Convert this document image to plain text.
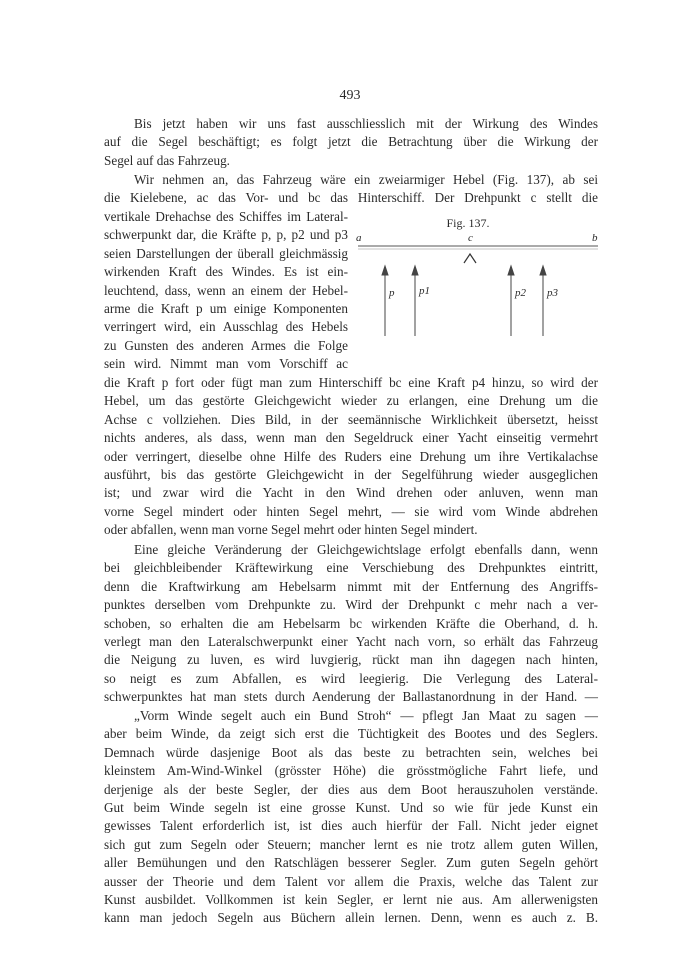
493
Bis jetzt haben wir uns fast ausschliesslich mit der Wirkung des Windes
auf die Segel beschäftigt; es folgt jetzt die Betrachtung über die Wirkung der
Segel auf das Fahrzeug.
Wir nehmen an, das Fahrzeug wäre ein zweiarmiger Hebel (Fig. 137), ab sei
die Kielebene, ac das Vor- und bc das Hinterschiff. Der Drehpunkt c stellt die
vertikale Drehachse des Schiffes im Lateral-
schwerpunkt dar, die Kräfte p, p, p2 und p3
seien Darstellungen der überall gleichmässig
wirkenden Kraft des Windes. Es ist ein-
leuchtend, dass, wenn an einem der Hebel-
arme die Kraft p um einige Komponenten
verringert wird, ein Ausschlag des Hebels
zu Gunsten des anderen Armes die Folge
sein wird. Nimmt man vom Vorschiff ac
die Kraft p fort oder fügt man zum Hinterschiff bc eine Kraft p4 hinzu, so wird der
Hebel, um das gestörte Gleichgewicht wieder zu erlangen, eine Drehung um die
Achse c vollziehen. Dies Bild, in der seemännische Wirklichkeit übersetzt, heisst
nichts anderes, als dass, wenn man den Segeldruck einer Yacht einseitig vermehrt
oder verringert, dieselbe ohne Hilfe des Ruders eine Drehung um ihre Vertikalachse
ausführt, bis das gestörte Gleichgewicht in der Segelführung wieder ausgeglichen
ist; und zwar wird die Yacht in den Wind drehen oder anluven, wenn man
vorne Segel mindert oder hinten Segel mehrt, — sie wird vom Winde abdrehen
oder abfallen, wenn man vorne Segel mehrt oder hinten Segel mindert.
Eine gleiche Veränderung der Gleichgewichtslage erfolgt ebenfalls dann, wenn
bei gleichbleibender Kräftewirkung eine Verschiebung des Drehpunktes eintritt,
denn die Kraftwirkung am Hebelsarm nimmt mit der Entfernung des Angriffs-
punktes derselben vom Drehpunkte zu. Wird der Drehpunkt c mehr nach a ver-
schoben, so erhalten die am Hebelsarm bc wirkenden Kräfte die Oberhand, d. h.
verlegt man den Lateralschwerpunkt einer Yacht nach vorn, so erhält das Fahrzeug
die Neigung zu luven, es wird luvgierig, rückt man ihn dagegen nach hinten,
so neigt es zum Abfallen, es wird leegierig. Die Verlegung des Lateral-
schwerpunktes hat man stets durch Aenderung der Ballastanordnung in der Hand. —
„Vorm Winde segelt auch ein Bund Stroh“ — pflegt Jan Maat zu sagen —
aber beim Winde, da zeigt sich erst die Tüchtigkeit des Bootes und des Seglers.
Demnach würde dasjenige Boot als das beste zu betrachten sein, welches bei
kleinstem Am-Wind-Winkel (grösster Höhe) die grösstmögliche Fahrt liefe, und
derjenige als der beste Segler, der dies aus dem Boot herauszuholen verstände.
Gut beim Winde segeln ist eine grosse Kunst. Und so wie für jede Kunst ein
gewisses Talent erforderlich ist, ist dies auch hierfür der Fall. Nicht jeder eignet
sich gut zum Segeln oder Steuern; mancher lernt es nie trotz allem guten Willen,
aller Bemühungen und den Ratschlägen besserer Segler. Zum guten Segeln gehört
ausser der Theorie und dem Talent vor allem die Praxis, welche das Talent zur
Kunst ausbildet. Vollkommen ist kein Segler, er lernt nie aus. Am allerwenigsten
kann man jedoch Segeln aus Büchern allein lernen. Denn, wenn es auch z. B.
Fig. 137.
a	c	b
p p1	p2 p3
